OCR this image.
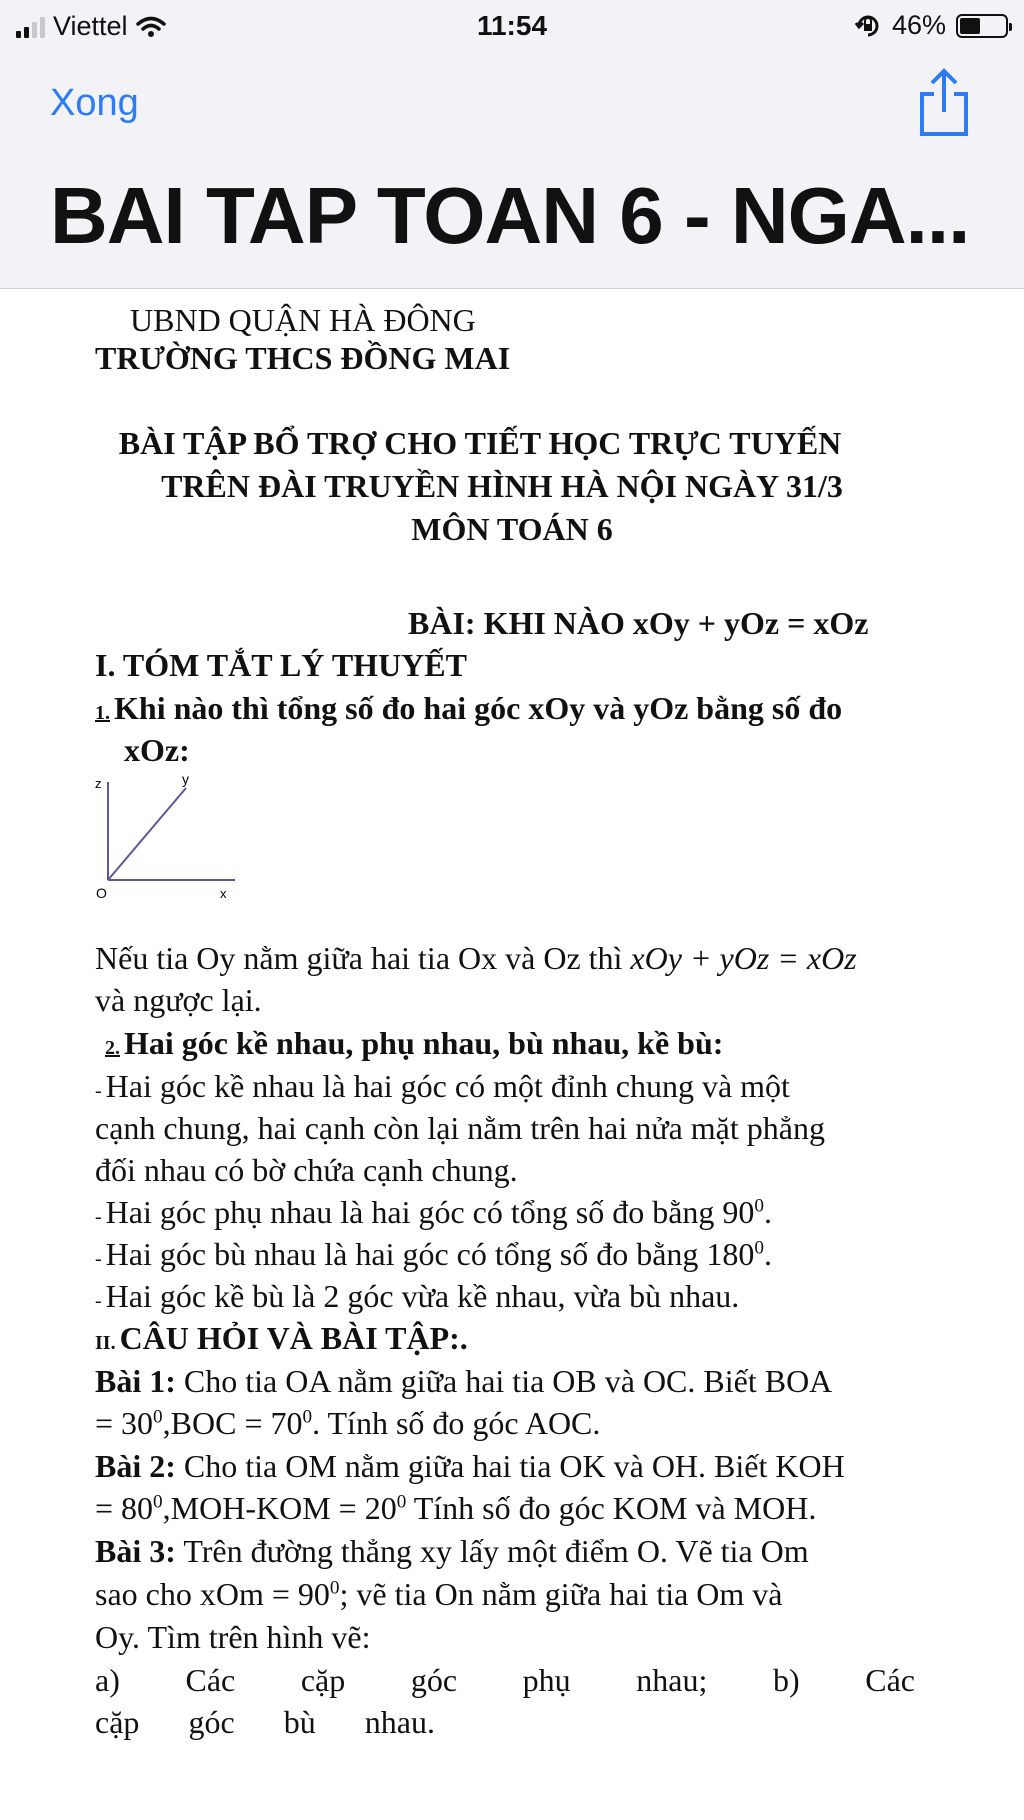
Viettel	11:54	46%
Xong
BAI TAP TOAN 6 - NGA...
UBND QUẬN HÀ ĐÔNG
TRƯỜNG THCS ĐỒNG MAI
BÀI TẬP BỔ TRỢ CHO TIẾT HỌC TRỰC TUYẾN
TRÊN ĐÀI TRUYỀN HÌNH HÀ NỘI NGÀY 31/3
MÔN TOÁN 6
BÀI: KHI NÀO xOy + yOz = xOz
I. TÓM TẮT LÝ THUYẾT
1. Khi nào thì tổng số đo hai góc xOy và yOz bằng số đo
xOz:
z	y
O	x
Nếu tia Oy nằm giữa hai tia Ox và Oz thì xOy + yOz = xOz
và ngược lại.
2. Hai góc kề nhau, phụ nhau, bù nhau, kề bù:
- Hai góc kề nhau là hai góc có một đỉnh chung và một
cạnh chung, hai cạnh còn lại nằm trên hai nửa mặt phẳng
đối nhau có bờ chứa cạnh chung.
- Hai góc phụ nhau là hai góc có tổng số đo bằng $90^0$.
- Hai góc bù nhau là hai góc có tổng số đo bằng $180^0$.
- Hai góc kề bù là 2 góc vừa kề nhau, vừa bù nhau.
II. CÂU HỎI VÀ BÀI TẬP:.
Bài 1: Cho tia OA nằm giữa hai tia OB và OC. Biết BOA
= $30^0,BOC = 70^0$. Tính số đo góc AOC.
Bài 2: Cho tia OM nằm giữa hai tia OK và OH. Biết KOH
= $80^0,MOH$-KOM = $20^0$ Tính số đo góc KOM và MOH.
Bài 3: Trên đường thẳng xy lấy một điểm O. Vẽ tia Om
sao cho xOm = $90^0$; vẽ tia On nằm giữa hai tia Om và
Oy. Tìm trên hình vẽ:
a) Các cặp góc phụ nhau; b) Các
cặp góc bù nhau.
